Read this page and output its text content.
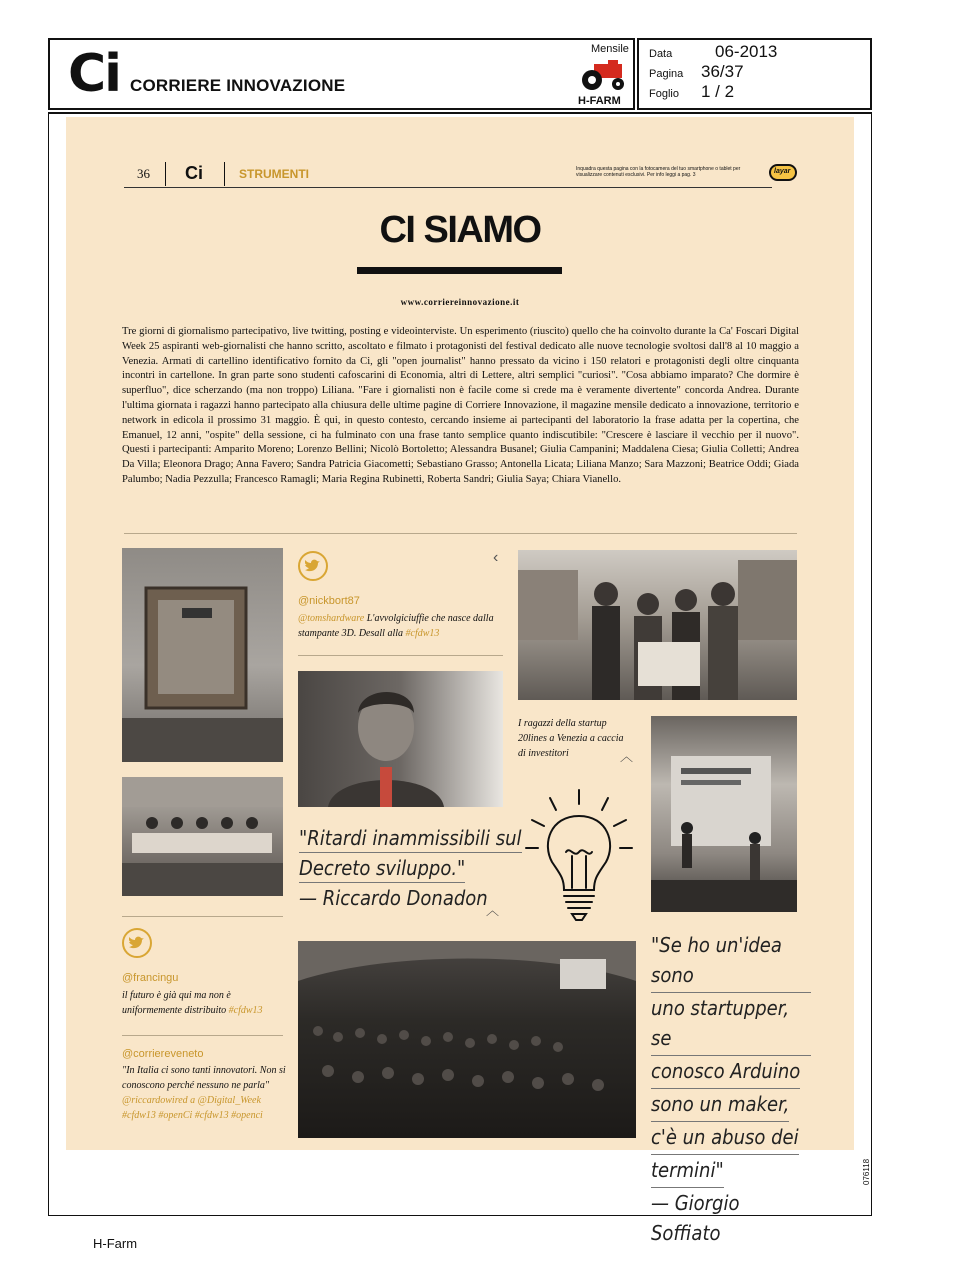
Ci CORRIERE INNOVAZIONE
Mensile
H-FARM
Data	06-2013
Pagina 36/37
Foglio 1 / 2
36 Ci	STRUMENTI	Inquadra questa pagina con la fotocamera del tuo smartphone o tablet per visualizzare contenuti esclusivi. Per info leggi a pag. 3	layar
CI SIAMO
www.corriereinnovazione.it
Tre giorni di giornalismo partecipativo, live twitting, posting e videointerviste. Un esperimento (riuscito) quello che ha coinvolto durante la Ca' Foscari Digital Week 25 aspiranti web-giornalisti che hanno scritto, ascoltato e filmato i protagonisti del festival dedicato alle nuove tecnologie svoltosi dall'8 al 10 maggio a Venezia. Armati di cartellino identificativo fornito da Ci, gli "open journalist" hanno pressato da vicino i 150 relatori e protagonisti degli oltre cinquanta incontri in cartellone. In gran parte sono studenti cafoscarini di Economia, altri di Lettere, altri semplici "curiosi". "Cosa abbiamo imparato? Che dormire è superfluo", dice scherzando (ma non troppo) Liliana. "Fare i giornalisti non è facile come si crede ma è veramente divertente" concorda Andrea. Durante l'ultima giornata i ragazzi hanno partecipato alla chiusura delle ultime pagine di Corriere Innovazione, il magazine mensile dedicato a innovazione, territorio e network in edicola il prossimo 31 maggio. È qui, in questo contesto, cercando insieme ai partecipanti del laboratorio la frase adatta per la copertina, che Emanuel, 12 anni, "ospite" della sessione, ci ha fulminato con una frase tanto semplice quanto indiscutibile: "Crescere è lasciare il vecchio per il nuovo". Questi i partecipanti: Amparito Moreno; Lorenzo Bellini; Nicolò Bortoletto; Alessandra Busanel; Giulia Campanini; Maddalena Ciesa; Giulia Colletti; Andrea Da Villa; Eleonora Drago; Anna Favero; Sandra Patricia Giacometti; Sebastiano Grasso; Antonella Licata; Liliana Manzo; Sara Mazzoni; Beatrice Oddi; Giada Palumbo; Nadia Pezzulla; Francesco Ramagli; Maria Regina Rubinetti, Roberta Sandri; Giulia Saya; Chiara Vianello.
‹
@nickbort87
@tomshardware L'avvolgiciuffie che nasce dalla stampante 3D. Desall alla #cfdw13
I ragazzi della startup 20lines a Venezia a caccia di investitori	︿
"Ritardi inammissibili sul
Decreto sviluppo."
— Riccardo Donadon
︿
@francingu
il futuro è già qui ma non è uniformemente distribuito #cfdw13
@corriereveneto
"In Italia ci sono tanti innovatori. Non si conoscono perché nessuno ne parla" @riccardowired a @Digital_Week #cfdw13 #openCi #cfdw13 #openci
"Se ho un'idea sono
uno startupper, se
conosco Arduino
sono un maker,
c'è un abuso dei
termini"
— Giorgio Soffiato
076118
H-Farm
